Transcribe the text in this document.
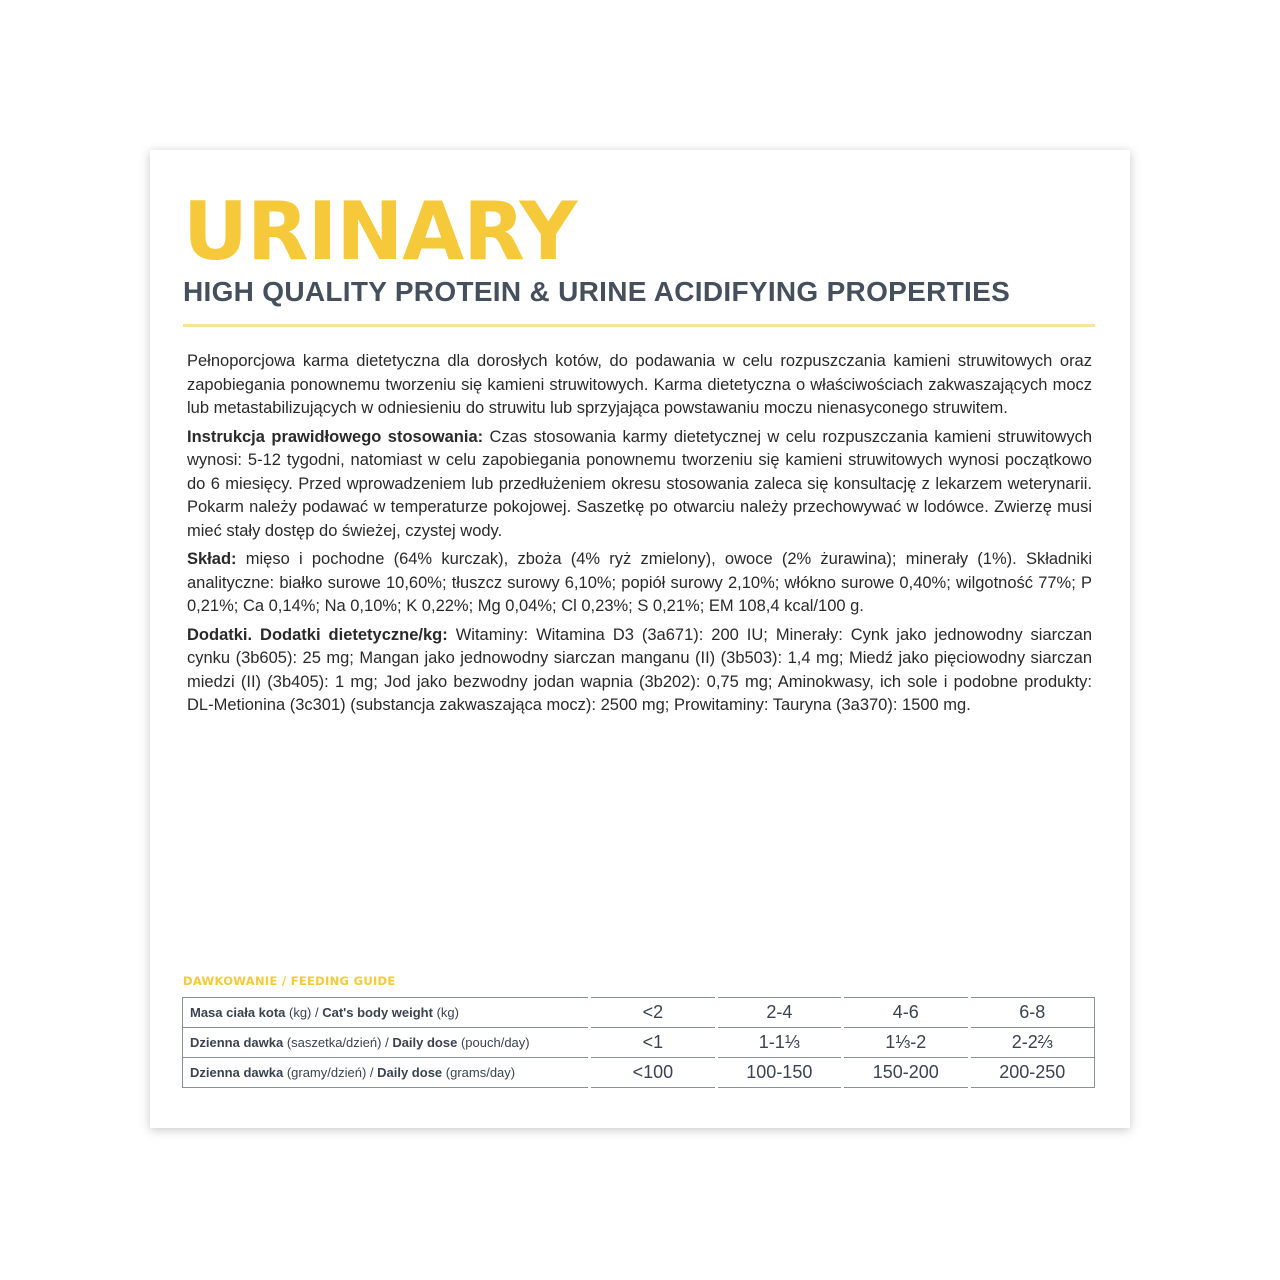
URINARY
HIGH QUALITY PROTEIN & URINE ACIDIFYING PROPERTIES

Pełnoporcjowa karma dietetyczna dla dorosłych kotów, do podawania w celu rozpuszczania kamieni struwitowych oraz zapobiegania ponownemu tworzeniu się kamieni struwitowych. Karma dietetyczna o właściwościach zakwaszających mocz lub metastabilizujących w odniesieniu do struwitu lub sprzyjająca powstawaniu moczu nienasyconego struwitem.

Instrukcja prawidłowego stosowania: Czas stosowania karmy dietetycznej w celu rozpuszczania kamieni struwitowych wynosi: 5-12 tygodni, natomiast w celu zapobiegania ponownemu tworzeniu się kamieni struwitowych wynosi początkowo do 6 miesięcy. Przed wprowadzeniem lub przedłużeniem okresu stosowania zaleca się konsultację z lekarzem weterynarii. Pokarm należy podawać w temperaturze pokojowej. Saszetkę po otwarciu należy przechowywać w lodówce. Zwierzę musi mieć stały dostęp do świeżej, czystej wody.

Skład: mięso i pochodne (64% kurczak), zboża (4% ryż zmielony), owoce (2% żurawina); minerały (1%). Składniki analityczne: białko surowe 10,60%; tłuszcz surowy 6,10%; popiół surowy 2,10%; włókno surowe 0,40%; wilgotność 77%; P 0,21%; Ca 0,14%; Na 0,10%; K 0,22%; Mg 0,04%; Cl 0,23%; S 0,21%; EM 108,4 kcal/100 g.

Dodatki. Dodatki dietetyczne/kg: Witaminy: Witamina D3 (3a671): 200 IU; Minerały: Cynk jako jednowodny siarczan cynku (3b605): 25 mg; Mangan jako jednowodny siarczan manganu (II) (3b503): 1,4 mg; Miedź jako pięciowodny siarczan miedzi (II) (3b405): 1 mg; Jod jako bezwodny jodan wapnia (3b202): 0,75 mg; Aminokwasy, ich sole i podobne produkty: DL-Metionina (3c301) (substancja zakwaszająca mocz): 2500 mg; Prowitaminy: Tauryna (3a370): 1500 mg.

DAWKOWANIE / FEEDING GUIDE
Masa ciała kota (kg) / Cat's body weight (kg)	<2	2-4	4-6	6-8
Dzienna dawka (saszetka/dzień) / Daily dose (pouch/day)	<1	1-1⅓	1⅓-2	2-2⅔
Dzienna dawka (gramy/dzień) / Daily dose (grams/day)	<100	100-150	150-200	200-250
